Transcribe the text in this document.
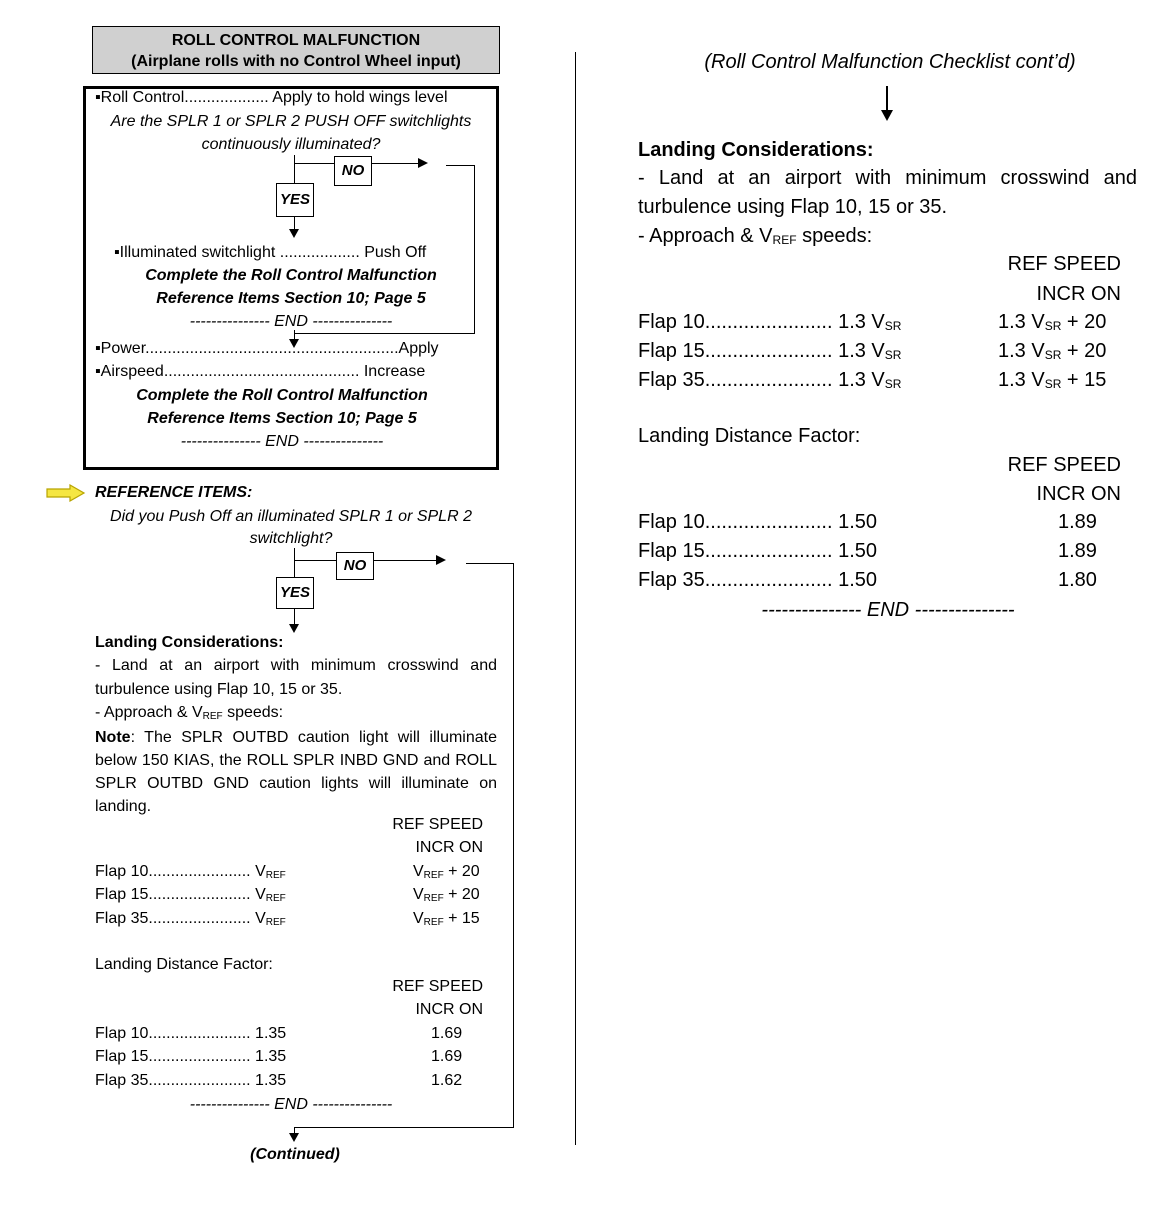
ROLL CONTROL MALFUNCTION
(Airplane rolls with no Control Wheel input)
▪Roll Control................... Apply to hold wings level
Are the SPLR 1 or SPLR 2 PUSH OFF switchlights
continuously illuminated?
NO
YES
▪Illuminated switchlight .................. Push Off
Complete the Roll Control Malfunction
Reference Items Section 10; Page 5
--------------- END ---------------
▪Power.........................................................Apply
▪Airspeed............................................ Increase
Complete the Roll Control Malfunction
Reference Items Section 10; Page 5
--------------- END ---------------
REFERENCE ITEMS:
Did you Push Off an illuminated SPLR 1 or SPLR 2
switchlight?
NO
YES
Landing Considerations:
- Land at an airport with minimum crosswind and
turbulence using Flap 10, 15 or 35.
- Approach & $V_{REF}$ speeds:
Note: The SPLR OUTBD caution light will illuminate below 150 KIAS, the ROLL SPLR INBD GND and ROLL SPLR OUTBD GND caution lights will illuminate on landing.
REF SPEED
INCR ON
Flap 10....................... $V_{REF}$	$V_{REF} + 20$
Flap 15....................... $V_{REF}$	$V_{REF} + 20$
Flap 35....................... $V_{REF}$	$V_{REF} + 15$
Landing Distance Factor:
REF SPEED
INCR ON
Flap 10....................... 1.35	1.69
Flap 15....................... 1.35	1.69
Flap 35....................... 1.35	1.62
--------------- END ---------------
(Continued)
(Roll Control Malfunction Checklist cont’d)
Landing Considerations:
- Land at an airport with minimum crosswind and
turbulence using Flap 10, 15 or 35.
- Approach & $V_{REF}$ speeds:
REF SPEED
INCR ON
Flap 10....................... 1.3 $V_{SR}$	1.3 $V_{SR} + 20$
Flap 15....................... 1.3 $V_{SR}$	1.3 $V_{SR} + 20$
Flap 35....................... 1.3 $V_{SR}$	1.3 $V_{SR} + 15$
Landing Distance Factor:
REF SPEED
INCR ON
Flap 10....................... 1.50	1.89
Flap 15....................... 1.50	1.89
Flap 35....................... 1.50	1.80
--------------- END ---------------
